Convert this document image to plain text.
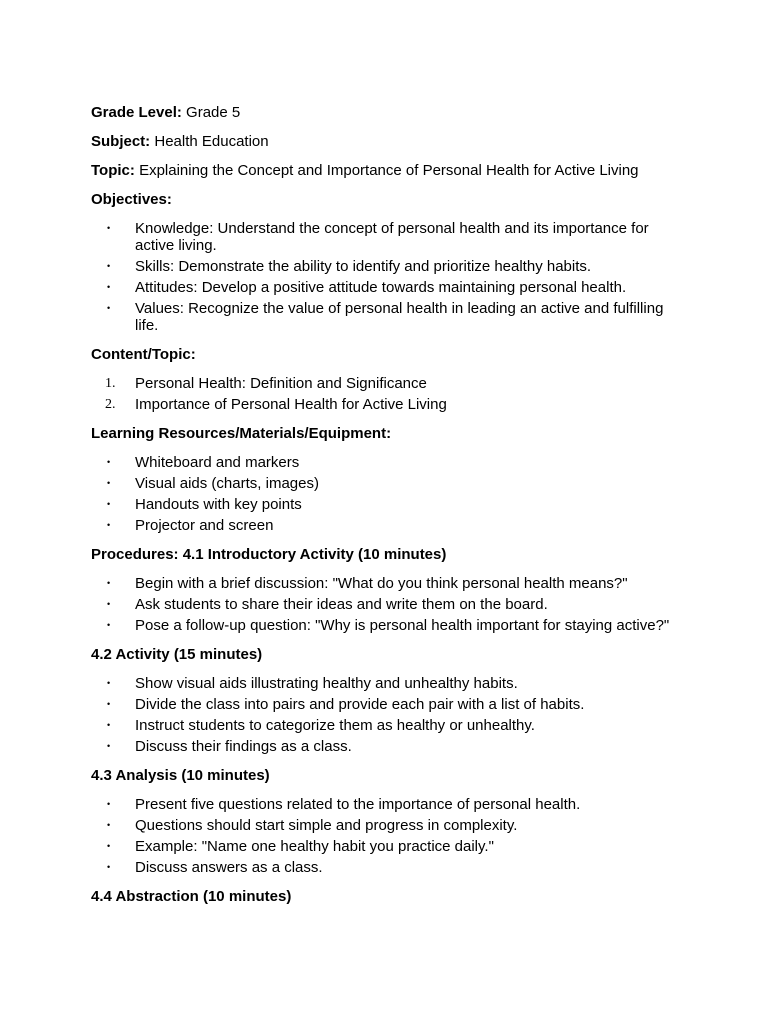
Grade Level: Grade 5

Subject: Health Education

Topic: Explaining the Concept and Importance of Personal Health for Active Living

Objectives:

• Knowledge: Understand the concept of personal health and its importance for active living.
• Skills: Demonstrate the ability to identify and prioritize healthy habits.
• Attitudes: Develop a positive attitude towards maintaining personal health.
• Values: Recognize the value of personal health in leading an active and fulfilling life.

Content/Topic:

1. Personal Health: Definition and Significance
2. Importance of Personal Health for Active Living

Learning Resources/Materials/Equipment:

• Whiteboard and markers
• Visual aids (charts, images)
• Handouts with key points
• Projector and screen

Procedures: 4.1 Introductory Activity (10 minutes)

• Begin with a brief discussion: "What do you think personal health means?"
• Ask students to share their ideas and write them on the board.
• Pose a follow-up question: "Why is personal health important for staying active?"

4.2 Activity (15 minutes)

• Show visual aids illustrating healthy and unhealthy habits.
• Divide the class into pairs and provide each pair with a list of habits.
• Instruct students to categorize them as healthy or unhealthy.
• Discuss their findings as a class.

4.3 Analysis (10 minutes)

• Present five questions related to the importance of personal health.
• Questions should start simple and progress in complexity.
• Example: "Name one healthy habit you practice daily."
• Discuss answers as a class.

4.4 Abstraction (10 minutes)
